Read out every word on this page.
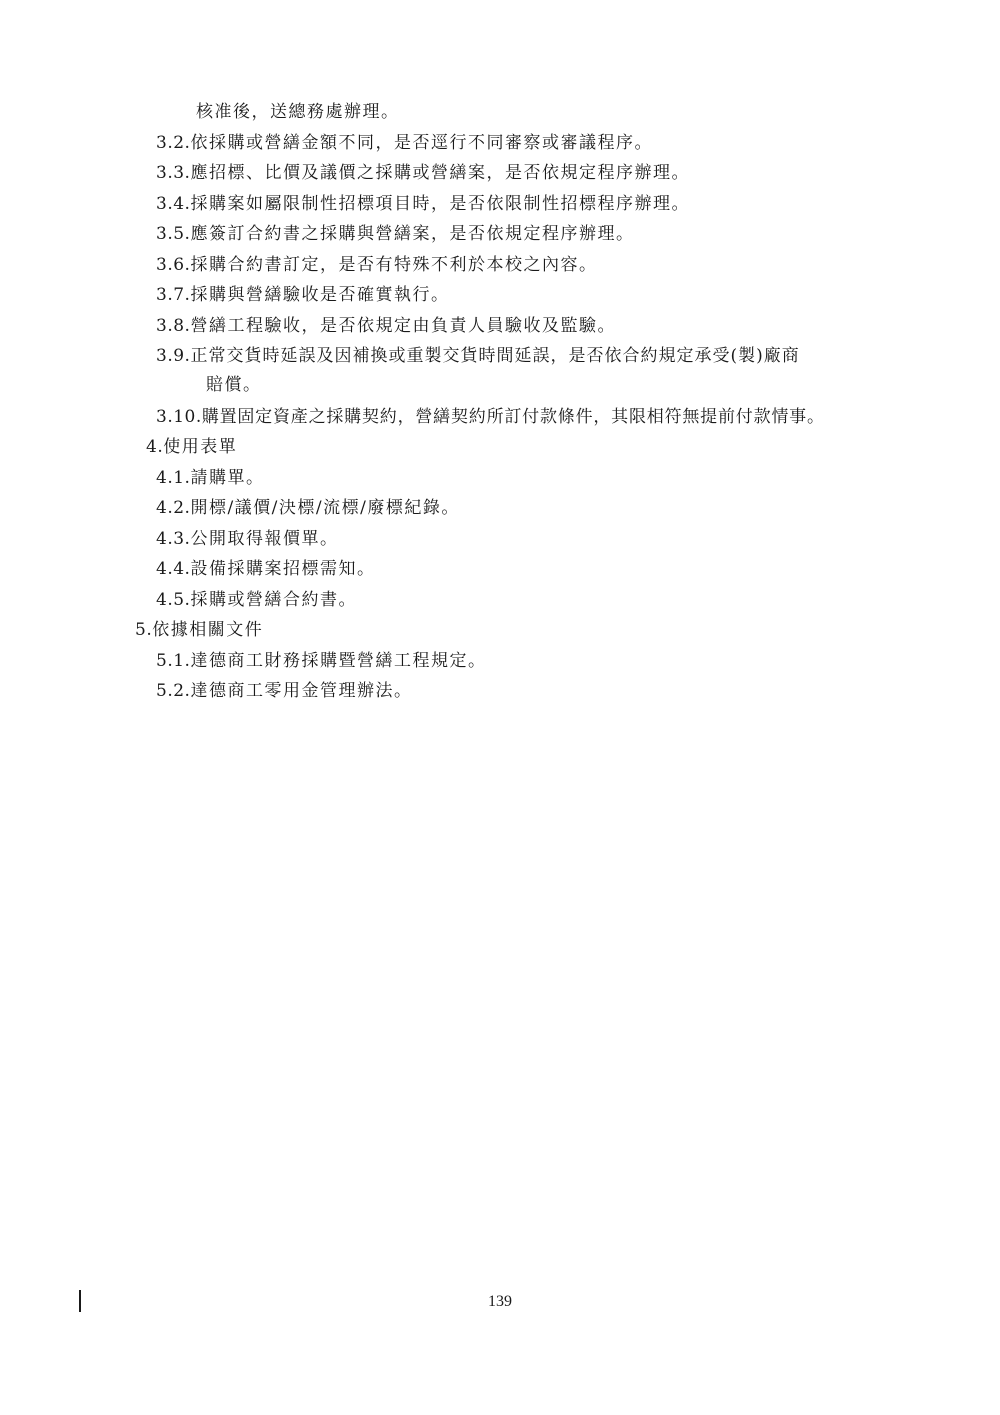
核准後，送總務處辦理。
3.2.依採購或營繕金額不同，是否逕行不同審察或審議程序。
3.3.應招標、比價及議價之採購或營繕案，是否依規定程序辦理。
3.4.採購案如屬限制性招標項目時，是否依限制性招標程序辦理。
3.5.應簽訂合約書之採購與營繕案，是否依規定程序辦理。
3.6.採購合約書訂定，是否有特殊不利於本校之內容。
3.7.採購與營繕驗收是否確實執行。
3.8.營繕工程驗收，是否依規定由負責人員驗收及監驗。
3.9.正常交貨時延誤及因補換或重製交貨時間延誤，是否依合約規定承受(製)廠商
賠償。
3.10.購置固定資產之採購契約，營繕契約所訂付款條件，其限相符無提前付款情事。
4.使用表單
4.1.請購單。
4.2.開標/議價/決標/流標/廢標紀錄。
4.3.公開取得報價單。
4.4.設備採購案招標需知。
4.5.採購或營繕合約書。
5.依據相關文件
5.1.達德商工財務採購暨營繕工程規定。
5.2.達德商工零用金管理辦法。
139
